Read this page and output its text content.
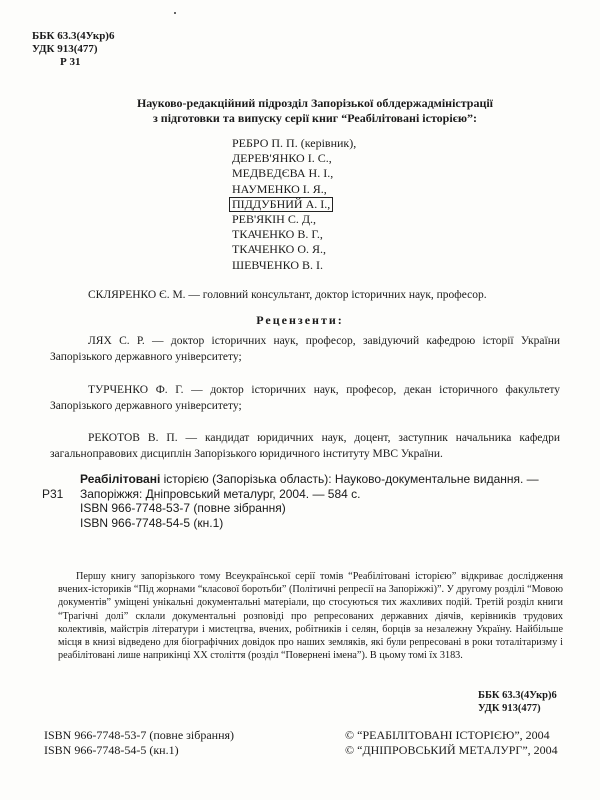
ББК 63.3(4Укр)6
УДК 913(477)
Р 31
Науково-редакційний підрозділ Запорізької облдержадміністрації
з підготовки та випуску серії книг “Реабілітовані історією”:
РЕБРО П. П. (керівник),
ДЕРЕВ'ЯНКО І. С.,
МЕДВЕДЄВА Н. І.,
НАУМЕНКО І. Я.,
ПІДДУБНИЙ А. І.,
РЕВ'ЯКІН С. Д.,
ТКАЧЕНКО В. Г.,
ТКАЧЕНКО О. Я.,
ШЕВЧЕНКО В. І.
СКЛЯРЕНКО Є. М. — головний консультант, доктор історичних наук, професор.
Рецензенти:
ЛЯХ С. Р. — доктор історичних наук, професор, завідуючий кафедрою історії України Запорізького державного університету;
ТУРЧЕНКО Ф. Г. — доктор історичних наук, професор, декан історичного факультету Запорізького державного університету;
РЕКОТОВ В. П. — кандидат юридичних наук, доцент, заступник начальника кафедри загальноправових дисциплін Запорізького юридичного інституту МВС України.
Реабілітовані історією (Запорізька область): Науково-документальне видання. —
Р31 Запоріжжя: Дніпровський металург, 2004. — 584 с.
ISBN 966-7748-53-7 (повне зібрання)
ISBN 966-7748-54-5 (кн.1)
Першу книгу запорізького тому Всеукраїнської серії томів “Реабілітовані історією” відкриває дослідження вчених-істориків “Під жорнами “класової боротьби” (Політичні репресії на Запоріжжі)”. У другому розділі “Мовою документів” уміщені унікальні документальні матеріали, що стосуються тих жахливих подій. Третій розділ книги “Трагічні долі” склали документальні розповіді про репресованих державних діячів, керівників трудових колективів, майстрів літератури і мистецтва, вчених, робітників і селян, борців за незалежну Україну. Найбільше місця в книзі відведено для біографічних довідок про наших земляків, які були репресовані в роки тоталітаризму і реабілітовані лише наприкінці ХХ століття (розділ “Повернені імена”). В цьому томі їх 3183.
ББК 63.3(4Укр)6
УДК 913(477)
ISBN 966-7748-53-7 (повне зібрання)
ISBN 966-7748-54-5 (кн.1)
© “РЕАБІЛІТОВАНІ ІСТОРІЄЮ”, 2004
© “ДНІПРОВСЬКИЙ МЕТАЛУРГ”, 2004
